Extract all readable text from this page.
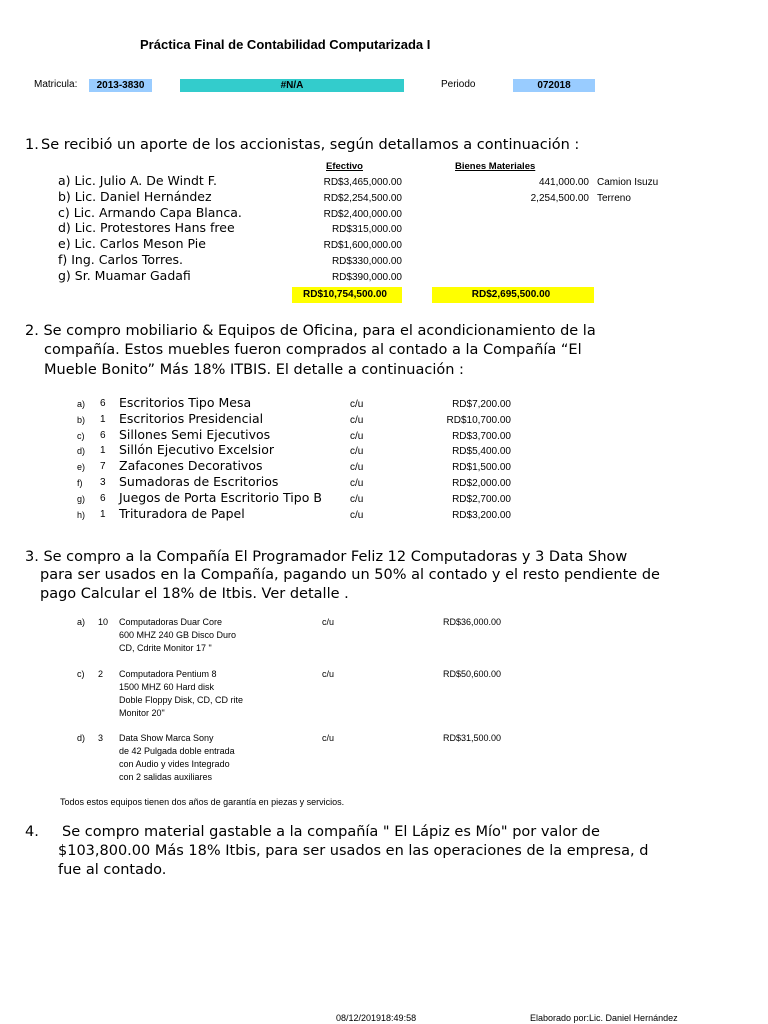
Práctica Final de Contabilidad Computarizada I
Matricula:	2013-3830	#N/A	Periodo	072018
1. Se recibió un aporte de los accionistas, según detallamos a continuación :
Efectivo	Bienes Materiales
a) Lic. Julio A. De Windt F.	RD$3,465,000.00	441,000.00 Camion Isuzu
b) Lic. Daniel Hernández	RD$2,254,500.00	2,254,500.00 Terreno
c) Lic. Armando Capa Blanca.	RD$2,400,000.00
d) Lic. Protestores Hans free	RD$315,000.00
e) Lic. Carlos Meson Pie	RD$1,600,000.00
f) Ing. Carlos Torres.	RD$330,000.00
g) Sr. Muamar Gadafi	RD$390,000.00
RD$10,754,500.00	RD$2,695,500.00
2. Se compro mobiliario & Equipos de Oficina, para el acondicionamiento de la
compañía. Estos muebles fueron comprados al contado a la Compañía “El
Mueble Bonito” Más 18% ITBIS. El detalle a continuación :
a) 6 Escritorios Tipo Mesa	c/u	RD$7,200.00
b) 1 Escritorios Presidencial	c/u	RD$10,700.00
c) 6 Sillones Semi Ejecutivos	c/u	RD$3,700.00
d) 1 Sillón Ejecutivo Excelsior	c/u	RD$5,400.00
e) 7 Zafacones Decorativos	c/u	RD$1,500.00
f) 3 Sumadoras de Escritorios	c/u	RD$2,000.00
g) 6 Juegos de Porta Escritorio Tipo B	c/u	RD$2,700.00
h) 1 Trituradora de Papel	c/u	RD$3,200.00
3. Se compro a la Compañía El Programador Feliz 12 Computadoras y 3 Data Show
para ser usados en la Compañía, pagando un 50% al contado y el resto pendiente de
pago Calcular el 18% de Itbis. Ver detalle .
a) 10 Computadoras Duar Core
600 MHZ 240 GB Disco Duro
CD, Cdrite Monitor 17 "
c/u	RD$36,000.00
c) 2 Computadora Pentium 8
1500 MHZ 60 Hard disk
Doble Floppy Disk, CD, CD rite
Monitor 20"
c/u	RD$50,600.00
d) 3 Data Show Marca Sony
de 42 Pulgada doble entrada
con Audio y vides Integrado
con 2 salidas auxiliares
c/u	RD$31,500.00
Todos estos equipos tienen dos años de garantía en piezas y servicios.
4. Se compro material gastable a la compañía " El Lápiz es Mío" por valor de
$103,800.00 Más 18% Itbis, para ser usados en las operaciones de la empresa, d
fue al contado.
08/12/201918:49:58	Elaborado por:Lic. Daniel Hernández
